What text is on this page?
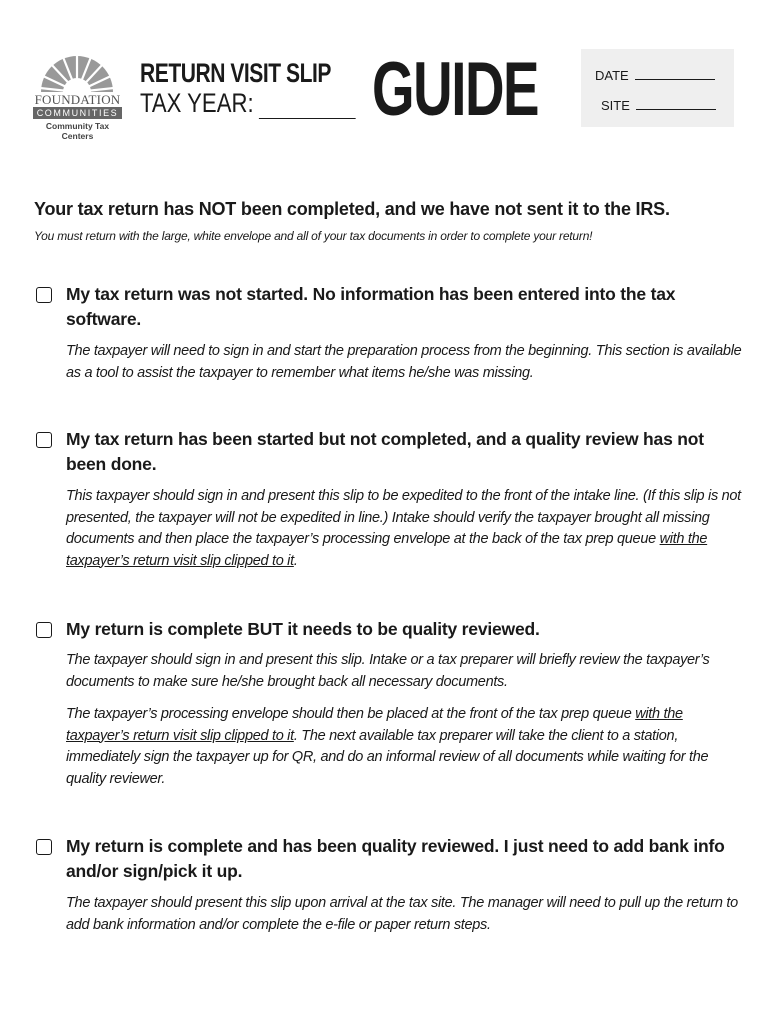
FOUNDATION
COMMUNITIES
Community Tax Centers
RETURN VISIT SLIP
TAX YEAR:	GUIDE	DATE
SITE
Your tax return has NOT been completed, and we have not sent it to the IRS.
You must return with the large, white envelope and all of your tax documents in order to complete your return!
My tax return was not started. No information has been entered into the tax software.
The taxpayer will need to sign in and start the preparation process from the beginning. This section is available as a tool to assist the taxpayer to remember what items he/she was missing.
My tax return has been started but not completed, and a quality review has not been done.
This taxpayer should sign in and present this slip to be expedited to the front of the intake line. (If this slip is not presented, the taxpayer will not be expedited in line.) Intake should verify the taxpayer brought all missing documents and then place the taxpayer’s processing envelope at the back of the tax prep queue with the taxpayer’s return visit slip clipped to it.
My return is complete BUT it needs to be quality reviewed.
The taxpayer should sign in and present this slip. Intake or a tax preparer will briefly review the taxpayer’s documents to make sure he/she brought back all necessary documents.
The taxpayer’s processing envelope should then be placed at the front of the tax prep queue with the taxpayer’s return visit slip clipped to it. The next available tax preparer will take the client to a station, immediately sign the taxpayer up for QR, and do an informal review of all documents while waiting for the quality reviewer.
My return is complete and has been quality reviewed. I just need to add bank info and/or sign/pick it up.
The taxpayer should present this slip upon arrival at the tax site. The manager will need to pull up the return to add bank information and/or complete the e-file or paper return steps.
